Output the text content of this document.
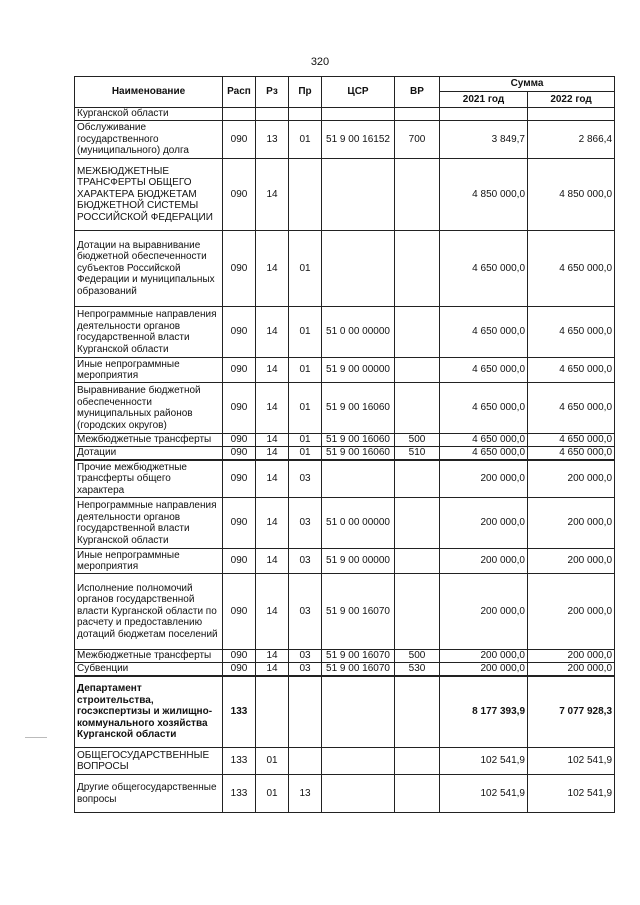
320
Наименование	Расп	Рз	Пр	ЦСР	ВР	Сумма	
						2021 год	2022 год
Курганской области							
Обслуживание государственного (муниципального) долга	090	13	01	51 9 00 16152	700	3 849,7	2 866,4
МЕЖБЮДЖЕТНЫЕ ТРАНСФЕРТЫ ОБЩЕГО ХАРАКТЕРА БЮДЖЕТАМ БЮДЖЕТНОЙ СИСТЕМЫ РОССИЙСКОЙ ФЕДЕРАЦИИ	090	14				4 850 000,0	4 850 000,0
Дотации на выравнивание бюджетной обеспеченности субъектов Российской Федерации и муниципальных образований	090	14	01			4 650 000,0	4 650 000,0
Непрограммные направления деятельности органов государственной власти Курганской области	090	14	01	51 0 00 00000		4 650 000,0	4 650 000,0
Иные непрограммные мероприятия	090	14	01	51 9 00 00000		4 650 000,0	4 650 000,0
Выравнивание бюджетной обеспеченности муниципальных районов (городских округов)	090	14	01	51 9 00 16060		4 650 000,0	4 650 000,0
Межбюджетные трансферты	090	14	01	51 9 00 16060	500	4 650 000,0	4 650 000,0
Дотации	090	14	01	51 9 00 16060	510	4 650 000,0	4 650 000,0
Прочие межбюджетные трансферты общего характера	090	14	03			200 000,0	200 000,0
Непрограммные направления деятельности органов государственной власти Курганской области	090	14	03	51 0 00 00000		200 000,0	200 000,0
Иные непрограммные мероприятия	090	14	03	51 9 00 00000		200 000,0	200 000,0
Исполнение полномочий органов государственной власти Курганской области по расчету и предоставлению дотаций бюджетам поселений	090	14	03	51 9 00 16070		200 000,0	200 000,0
Межбюджетные трансферты	090	14	03	51 9 00 16070	500	200 000,0	200 000,0
Субвенции	090	14	03	51 9 00 16070	530	200 000,0	200 000,0
Департамент строительства, госэкспертизы и жилищно-коммунального хозяйства Курганской области	133					8 177 393,9	7 077 928,3
ОБЩЕГОСУДАРСТВЕННЫЕ ВОПРОСЫ	133	01				102 541,9	102 541,9
Другие общегосударственные вопросы	133	01	13			102 541,9	102 541,9
